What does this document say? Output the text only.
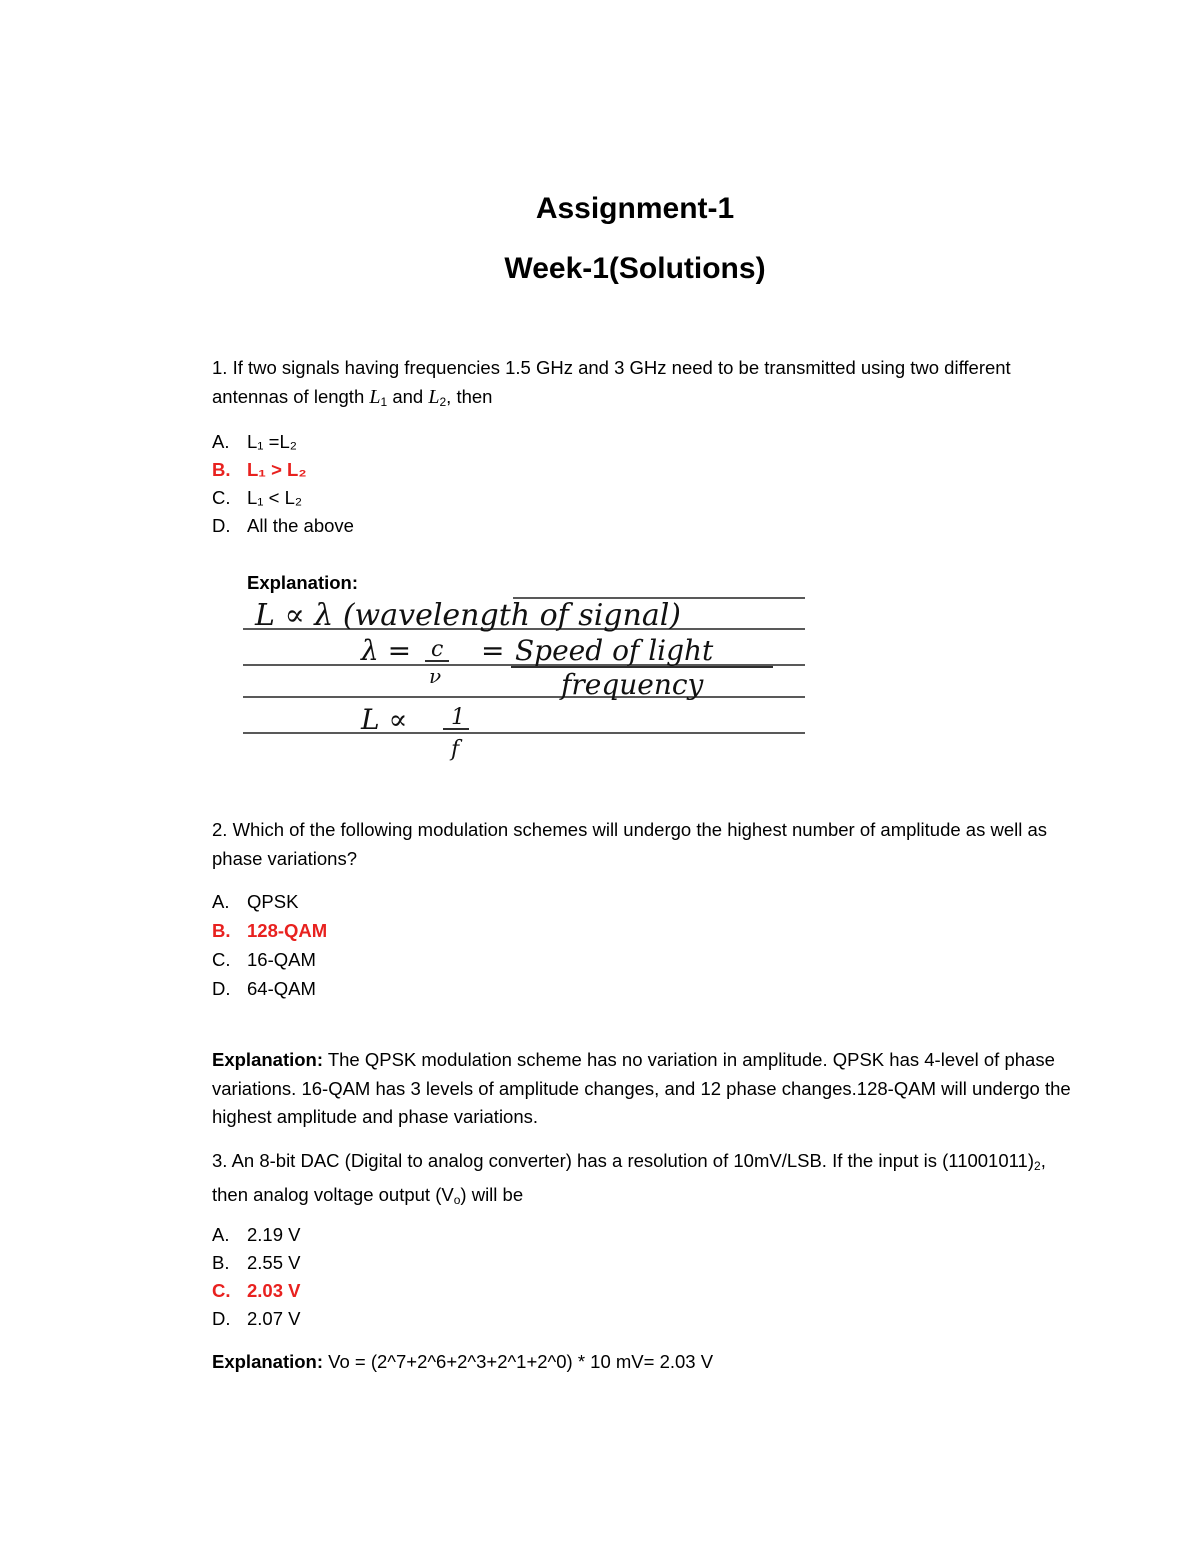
Assignment-1
Week-1(Solutions)

1. If two signals having frequencies 1.5 GHz and 3 GHz need to be transmitted using two different antennas of length $L_1$ and $L_2$, then

A. L₁ =L₂

B. L₁ > L₂

C. L₁ < L₂

D. All the above

Explanation:

L ∝ λ (wavelength of signal)
λ = c
ν
= Speed of light
frequency
L ∝ 1
f

2. Which of the following modulation schemes will undergo the highest number of amplitude as well as phase variations?

A. QPSK

B. 128-QAM

C. 16-QAM

D. 64-QAM

Explanation: The QPSK modulation scheme has no variation in amplitude. QPSK has 4-level of phase variations. 16-QAM has 3 levels of amplitude changes, and 12 phase changes.128-QAM will undergo the highest amplitude and phase variations.

3. An 8-bit DAC (Digital to analog converter) has a resolution of 10mV/LSB. If the input is $(11001011)_2$, then analog voltage output $(V_o)$ will be

A. 2.19 V

B. 2.55 V

C. 2.03 V

D. 2.07 V

Explanation: Vo = (2^7+2^6+2^3+2^1+2^0) * 10 mV= 2.03 V
